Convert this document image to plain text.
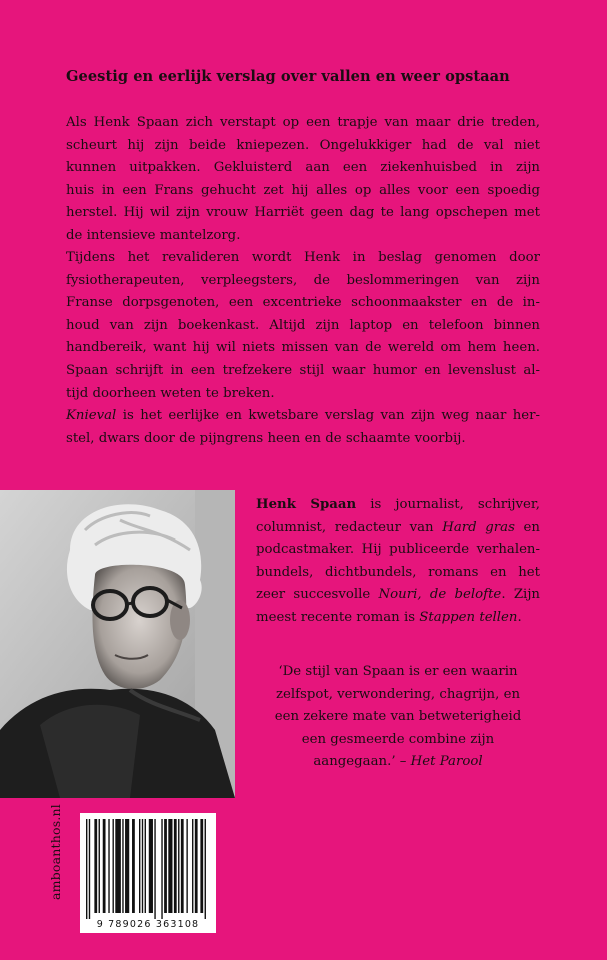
Geestig en eerlijk verslag over vallen en weer opstaan
Als Henk Spaan zich verstapt op een trapje van maar drie treden,
scheurt hij zijn beide kniepezen. Ongelukkiger had de val niet
kunnen uitpakken. Gekluisterd aan een ziekenhuisbed in zijn
huis in een Frans gehucht zet hij alles op alles voor een spoedig
herstel. Hij wil zijn vrouw Harriët geen dag te lang opschepen met
de intensieve mantelzorg.
Tijdens het revalideren wordt Henk in beslag genomen door
fysiotherapeuten, verpleegsters, de beslommeringen van zijn
Franse dorpsgenoten, een excentrieke schoonmaakster en de in-
houd van zijn boekenkast. Altijd zijn laptop en telefoon binnen
handbereik, want hij wil niets missen van de wereld om hem heen.
Spaan schrijft in een trefzekere stijl waar humor en levenslust al-
tijd doorheen weten te breken.
Knieval is het eerlijke en kwetsbare verslag van zijn weg naar her-
stel, dwars door de pijngrens heen en de schaamte voorbij.
Henk Spaan is journalist, schrijver,
columnist, redacteur van Hard gras en
podcastmaker. Hij publiceerde verhalen-
bundels, dichtbundels, romans en het
zeer succesvolle Nouri, de belofte. Zijn
meest recente roman is Stappen tellen.
‘De stijl van Spaan is er een waarin
zelfspot, verwondering, chagrijn, en
een zekere mate van betweterigheid
een gesmeerde combine zijn
aangegaan.’ – Het Parool
amboanthos.nl
9 789026 363108
